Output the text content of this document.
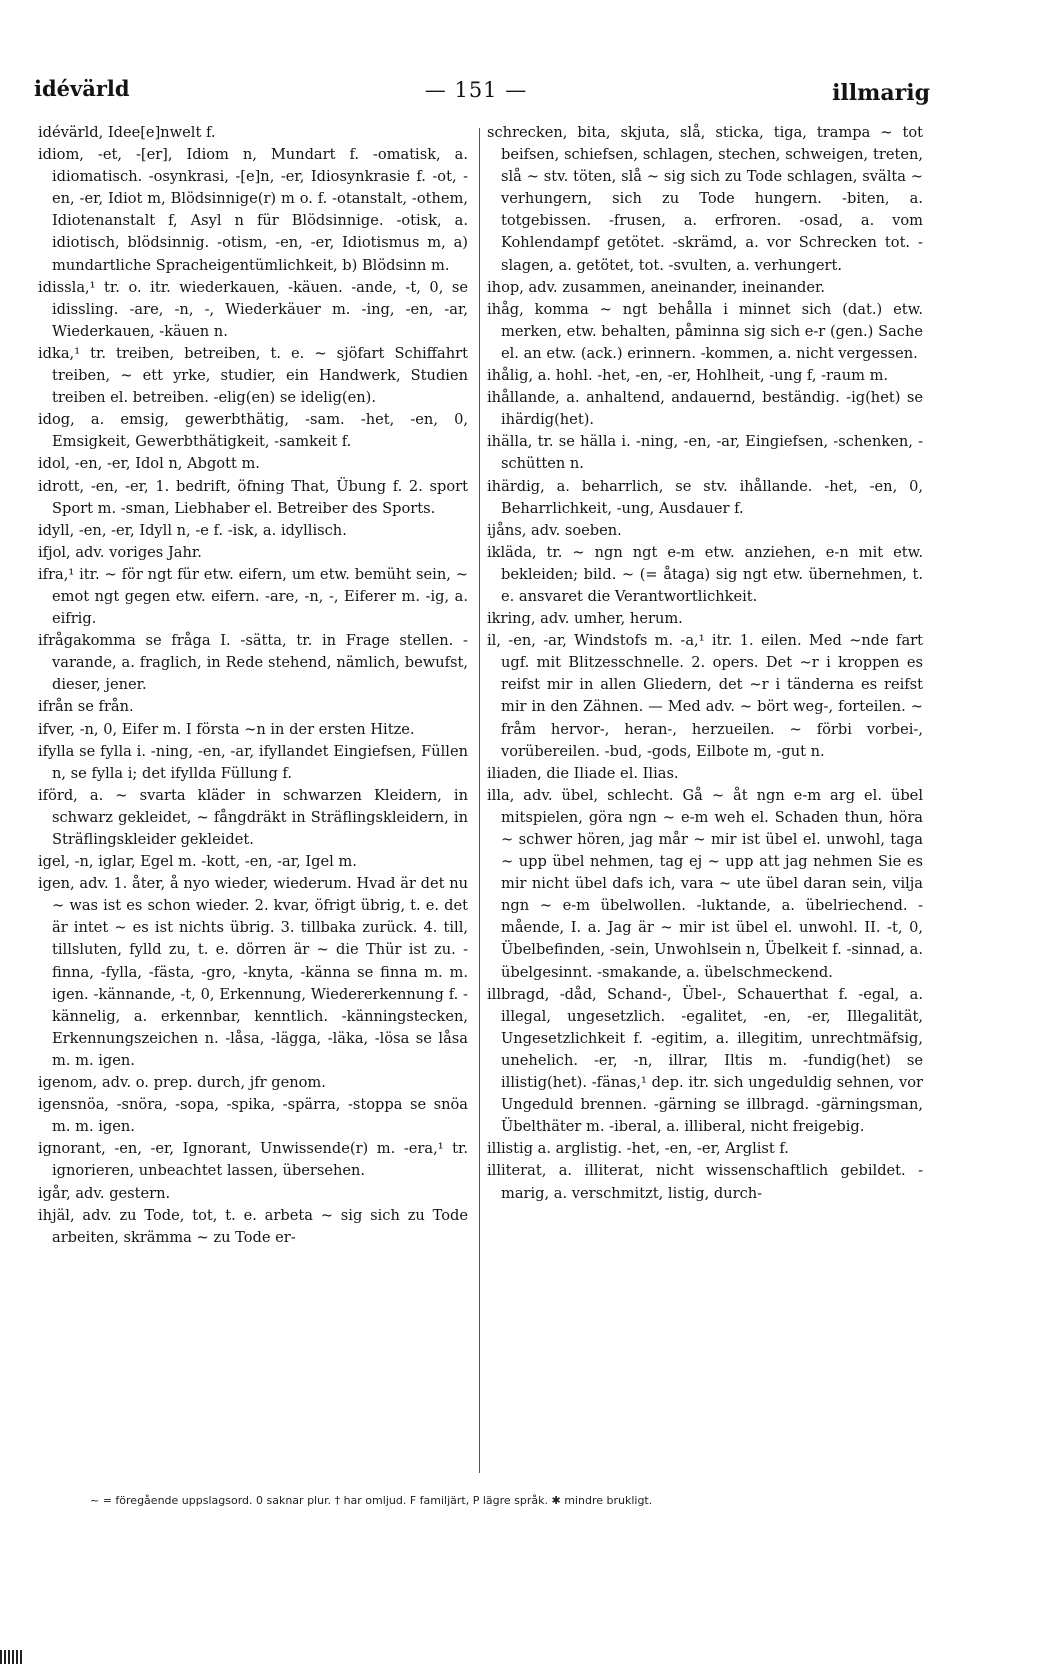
idévärld	— 151 —	illmarig

idévärld, Idee[e]nwelt f.

idiom, -et, -[er], Idiom n, Mundart f. -omatisk, a. idiomatisch. -osynkrasi, -[e]n, -er, Idiosynkrasie f. -ot, -en, -er, Idiot m, Blödsinnige(r) m o. f. -otanstalt, -othem, Idiotenanstalt f, Asyl n für Blödsinnige. -otisk, a. idiotisch, blödsinnig. -otism, -en, -er, Idiotismus m, a) mundartliche Spracheigentümlichkeit, b) Blödsinn m.

idissla,¹ tr. o. itr. wiederkauen, -käuen. -ande, -t, 0, se idissling. -are, -n, -, Wiederkäuer m. -ing, -en, -ar, Wiederkauen, -käuen n.

idka,¹ tr. treiben, betreiben, t. e. ~ sjöfart Schiffahrt treiben, ~ ett yrke, studier, ein Handwerk, Studien treiben el. betreiben. -elig(en) se idelig(en).

idog, a. emsig, gewerbthätig, -sam. -het, -en, 0, Emsigkeit, Gewerbthätigkeit, -samkeit f.

idol, -en, -er, Idol n, Abgott m.

idrott, -en, -er, 1. bedrift, öfning That, Übung f. 2. sport Sport m. -sman, Liebhaber el. Betreiber des Sports.

idyll, -en, -er, Idyll n, -e f. -isk, a. idyllisch.

ifjol, adv. voriges Jahr.

ifra,¹ itr. ~ för ngt für etw. eifern, um etw. bemüht sein, ~ emot ngt gegen etw. eifern. -are, -n, -, Eiferer m. -ig, a. eifrig.

ifrågakomma se fråga I. -sätta, tr. in Frage stellen. -varande, a. fraglich, in Rede stehend, nämlich, bewufst, dieser, jener.

ifrån se från.

ifver, -n, 0, Eifer m. I första ~n in der ersten Hitze.

ifylla se fylla i. -ning, -en, -ar, ifyllandet Eingiefsen, Füllen n, se fylla i; det ifyllda Füllung f.

iförd, a. ~ svarta kläder in schwarzen Kleidern, in schwarz gekleidet, ~ fångdräkt in Sträflingskleidern, in Sträflingskleider gekleidet.

igel, -n, iglar, Egel m. -kott, -en, -ar, Igel m.

igen, adv. 1. åter, å nyo wieder, wiederum. Hvad är det nu ~ was ist es schon wieder. 2. kvar, öfrigt übrig, t. e. det är intet ~ es ist nichts übrig. 3. tillbaka zurück. 4. till, tillsluten, fylld zu, t. e. dörren är ~ die Thür ist zu. -finna, -fylla, -fästa, -gro, -knyta, -känna se finna m. m. igen. -kännande, -t, 0, Erkennung, Wiedererkennung f. -kännelig, a. erkennbar, kenntlich. -känningstecken, Erkennungszeichen n. -låsa, -lägga, -läka, -lösa se låsa m. m. igen.

igenom, adv. o. prep. durch, jfr genom.

igensnöa, -snöra, -sopa, -spika, -spärra, -stoppa se snöa m. m. igen.

ignorant, -en, -er, Ignorant, Unwissende(r) m. -era,¹ tr. ignorieren, unbeachtet lassen, übersehen.

igår, adv. gestern.

ihjäl, adv. zu Tode, tot, t. e. arbeta ~ sig sich zu Tode arbeiten, skrämma ~ zu Tode er-

schrecken, bita, skjuta, slå, sticka, tiga, trampa ~ tot beifsen, schiefsen, schlagen, stechen, schweigen, treten, slå ~ stv. töten, slå ~ sig sich zu Tode schlagen, svälta ~ verhungern, sich zu Tode hungern. -biten, a. totgebissen. -frusen, a. erfroren. -osad, a. vom Kohlendampf getötet. -skrämd, a. vor Schrecken tot. -slagen, a. getötet, tot. -svulten, a. verhungert.

ihop, adv. zusammen, aneinander, ineinander.

ihåg, komma ~ ngt behålla i minnet sich (dat.) etw. merken, etw. behalten, påminna sig sich e-r (gen.) Sache el. an etw. (ack.) erinnern. -kommen, a. nicht vergessen.

ihålig, a. hohl. -het, -en, -er, Hohlheit, -ung f, -raum m.

ihållande, a. anhaltend, andauernd, beständig. -ig(het) se ihärdig(het).

ihälla, tr. se hälla i. -ning, -en, -ar, Eingiefsen, -schenken, -schütten n.

ihärdig, a. beharrlich, se stv. ihållande. -het, -en, 0, Beharrlichkeit, -ung, Ausdauer f.

ijåns, adv. soeben.

ikläda, tr. ~ ngn ngt e-m etw. anziehen, e-n mit etw. bekleiden; bild. ~ (= åtaga) sig ngt etw. übernehmen, t. e. ansvaret die Verantwortlichkeit.

ikring, adv. umher, herum.

il, -en, -ar, Windstofs m. -a,¹ itr. 1. eilen. Med ~nde fart ugf. mit Blitzesschnelle. 2. opers. Det ~r i kroppen es reifst mir in allen Gliedern, det ~r i tänderna es reifst mir in den Zähnen. — Med adv. ~ bört weg-, forteilen. ~ fråm hervor-, heran-, herzueilen. ~ förbi vorbei-, vorübereilen. -bud, -gods, Eilbote m, -gut n.

iliaden, die Iliade el. Ilias.

illa, adv. übel, schlecht. Gå ~ åt ngn e-m arg el. übel mitspielen, göra ngn ~ e-m weh el. Schaden thun, höra ~ schwer hören, jag mår ~ mir ist übel el. unwohl, taga ~ upp übel nehmen, tag ej ~ upp att jag nehmen Sie es mir nicht übel dafs ich, vara ~ ute übel daran sein, vilja ngn ~ e-m übelwollen. -luktande, a. übelriechend. -mående, I. a. Jag är ~ mir ist übel el. unwohl. II. -t, 0, Übelbefinden, -sein, Unwohlsein n, Übelkeit f. -sinnad, a. übelgesinnt. -smakande, a. übelschmeckend.

illbragd, -dåd, Schand-, Übel-, Schauerthat f. -egal, a. illegal, ungesetzlich. -egalitet, -en, -er, Illegalität, Ungesetzlichkeit f. -egitim, a. illegitim, unrechtmäfsig, unehelich. -er, -n, illrar, Iltis m. -fundig(het) se illistig(het). -fänas,¹ dep. itr. sich ungeduldig sehnen, vor Ungeduld brennen. -gärning se illbragd. -gärningsman, Übelthäter m. -iberal, a. illiberal, nicht freigebig.

illistig a. arglistig. -het, -en, -er, Arglist f.

illiterat, a. illiterat, nicht wissenschaftlich gebildet. -marig, a. verschmitzt, listig, durch-

~ = föregående uppslagsord. 0 saknar plur. † har omljud. F familjärt, P lägre språk. ✱ mindre brukligt.
